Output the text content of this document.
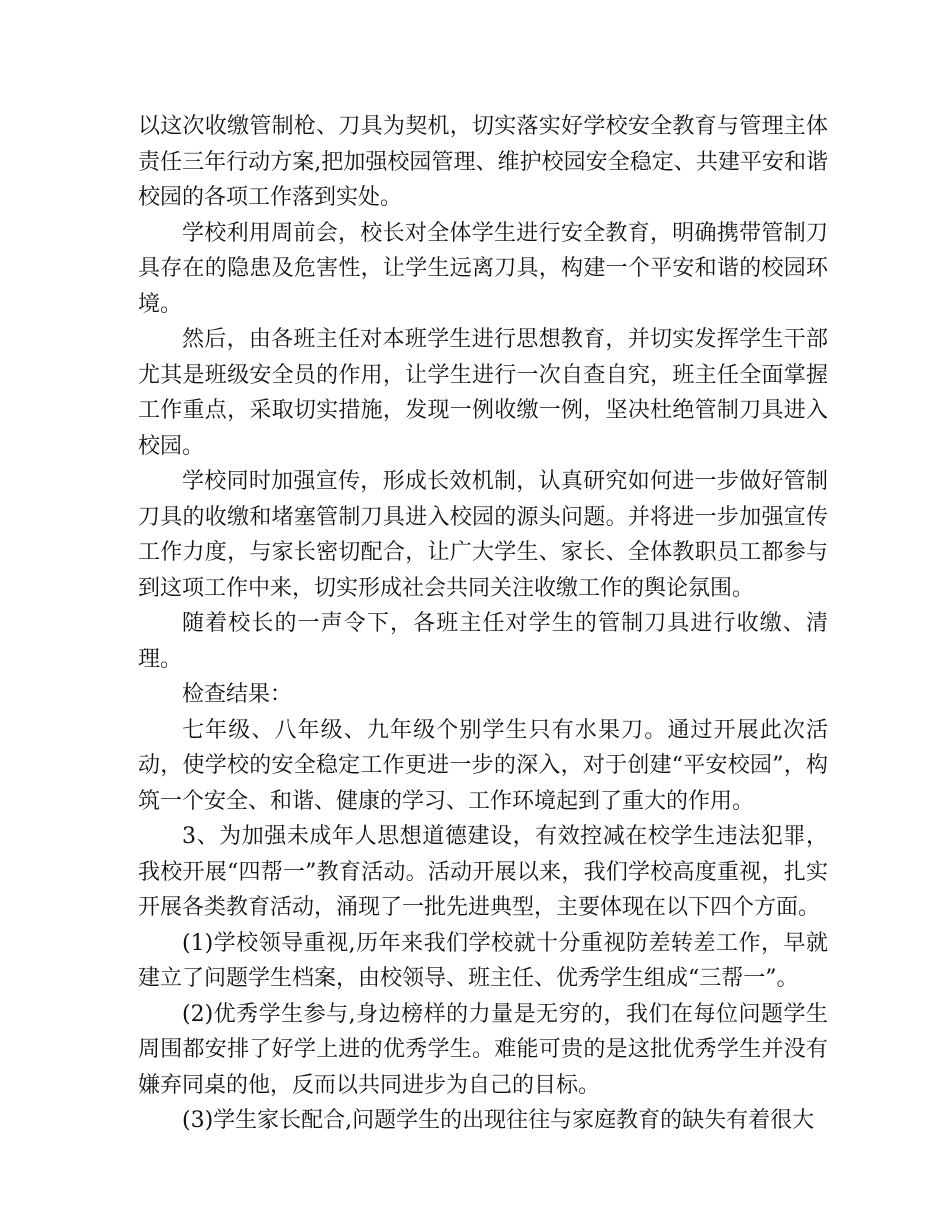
以这次收缴管制枪、刀具为契机，切实落实好学校安全教育与管理主体责任三年行动方案,把加强校园管理、维护校园安全稳定、共建平安和谐校园的各项工作落到实处。

学校利用周前会，校长对全体学生进行安全教育，明确携带管制刀具存在的隐患及危害性，让学生远离刀具，构建一个平安和谐的校园环境。

然后，由各班主任对本班学生进行思想教育，并切实发挥学生干部尤其是班级安全员的作用，让学生进行一次自查自究，班主任全面掌握工作重点，采取切实措施，发现一例收缴一例，坚决杜绝管制刀具进入校园。

学校同时加强宣传，形成长效机制，认真研究如何进一步做好管制刀具的收缴和堵塞管制刀具进入校园的源头问题。并将进一步加强宣传工作力度，与家长密切配合，让广大学生、家长、全体教职员工都参与到这项工作中来，切实形成社会共同关注收缴工作的舆论氛围。

随着校长的一声令下，各班主任对学生的管制刀具进行收缴、清理。

检查结果：

七年级、八年级、九年级个别学生只有水果刀。通过开展此次活动，使学校的安全稳定工作更进一步的深入，对于创建“平安校园”，构筑一个安全、和谐、健康的学习、工作环境起到了重大的作用。

3、为加强未成年人思想道德建设，有效控减在校学生违法犯罪，我校开展“四帮一”教育活动。活动开展以来，我们学校高度重视，扎实开展各类教育活动，涌现了一批先进典型，主要体现在以下四个方面。

(1)学校领导重视,历年来我们学校就十分重视防差转差工作，早就建立了问题学生档案，由校领导、班主任、优秀学生组成“三帮一”。

(2)优秀学生参与,身边榜样的力量是无穷的，我们在每位问题学生周围都安排了好学上进的优秀学生。难能可贵的是这批优秀学生并没有嫌弃同桌的他，反而以共同进步为自己的目标。

(3)学生家长配合,问题学生的出现往往与家庭教育的缺失有着很大
